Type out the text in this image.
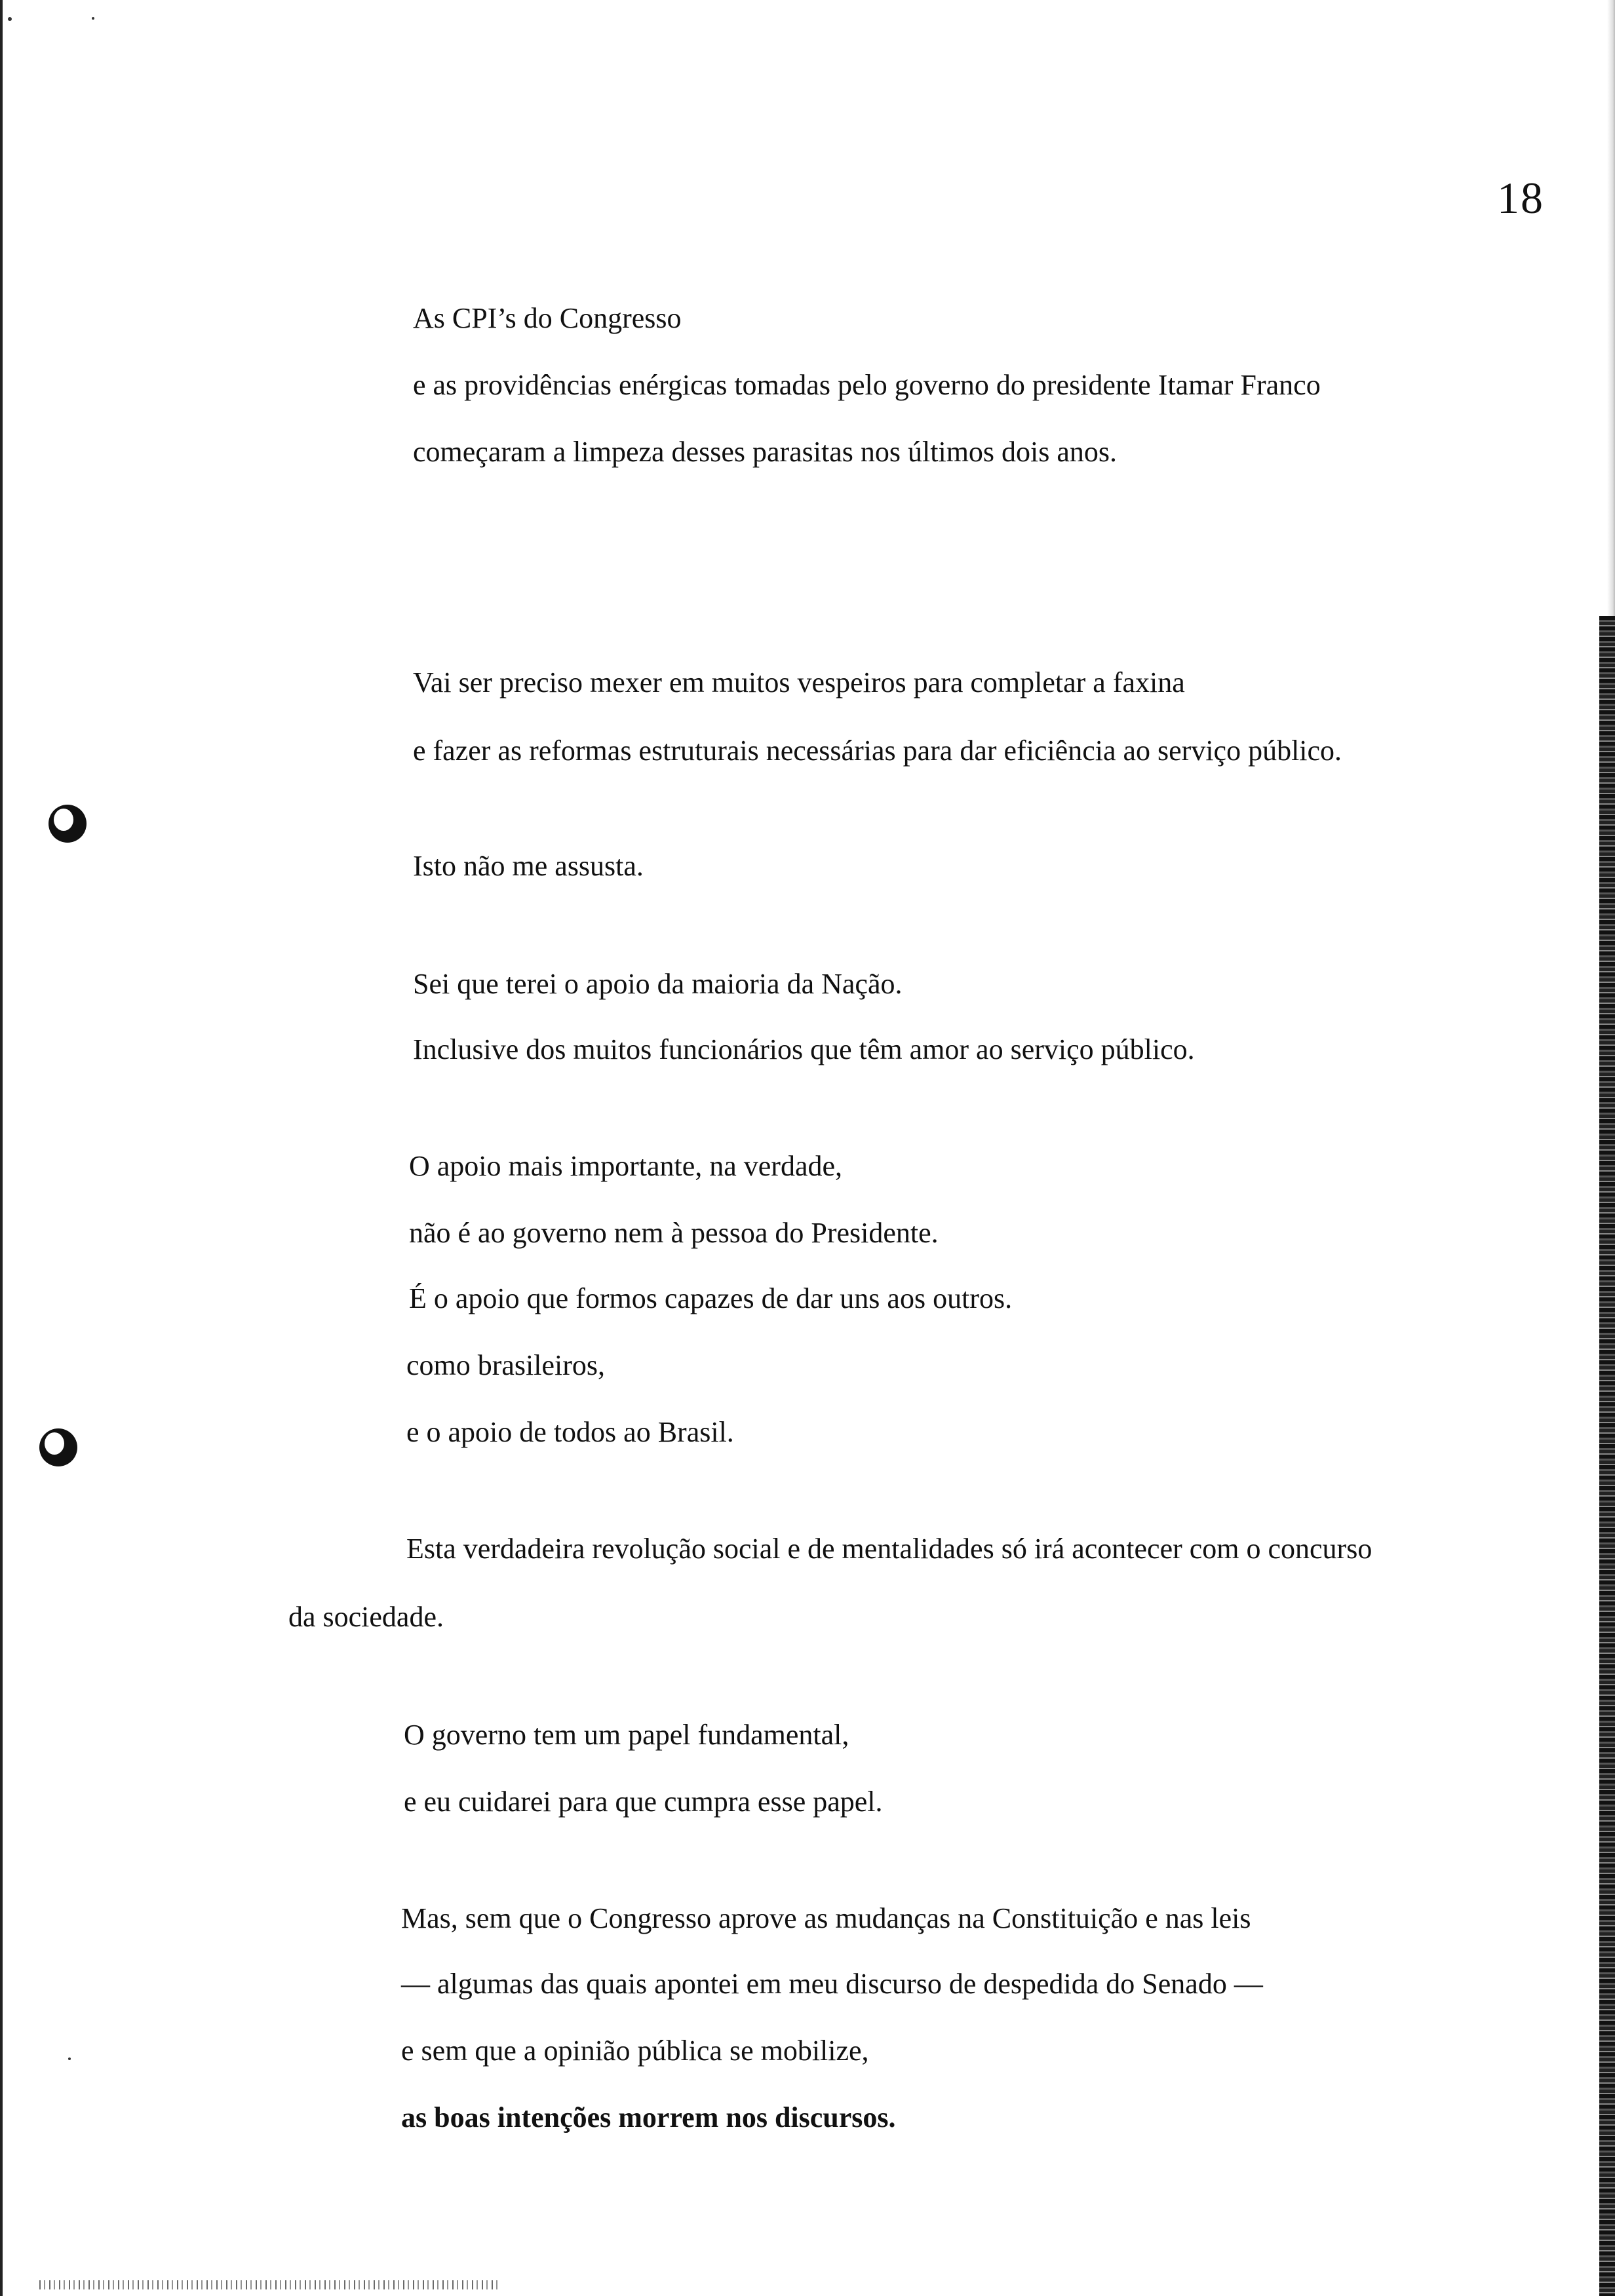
18
As CPI’s do Congresso
e as providências enérgicas tomadas pelo governo do presidente Itamar Franco
começaram a limpeza desses parasitas nos últimos dois anos.
Vai ser preciso mexer em muitos vespeiros para completar a faxina
e fazer as reformas estruturais necessárias para dar eficiência ao serviço público.
Isto não me assusta.
Sei que terei o apoio da maioria da Nação.
Inclusive dos muitos funcionários que têm amor ao serviço público.
O apoio mais importante, na verdade,
não é ao governo nem à pessoa do Presidente.
É o apoio que formos capazes de dar uns aos outros.
como brasileiros,
e o apoio de todos ao Brasil.
Esta verdadeira revolução social e de mentalidades só irá acontecer com o concurso
da sociedade.
O governo tem um papel fundamental,
e eu cuidarei para que cumpra esse papel.
Mas, sem que o Congresso aprove as mudanças na Constituição e nas leis
— algumas das quais apontei em meu discurso de despedida do Senado —
e sem que a opinião pública se mobilize,
as boas intenções morrem nos discursos.
